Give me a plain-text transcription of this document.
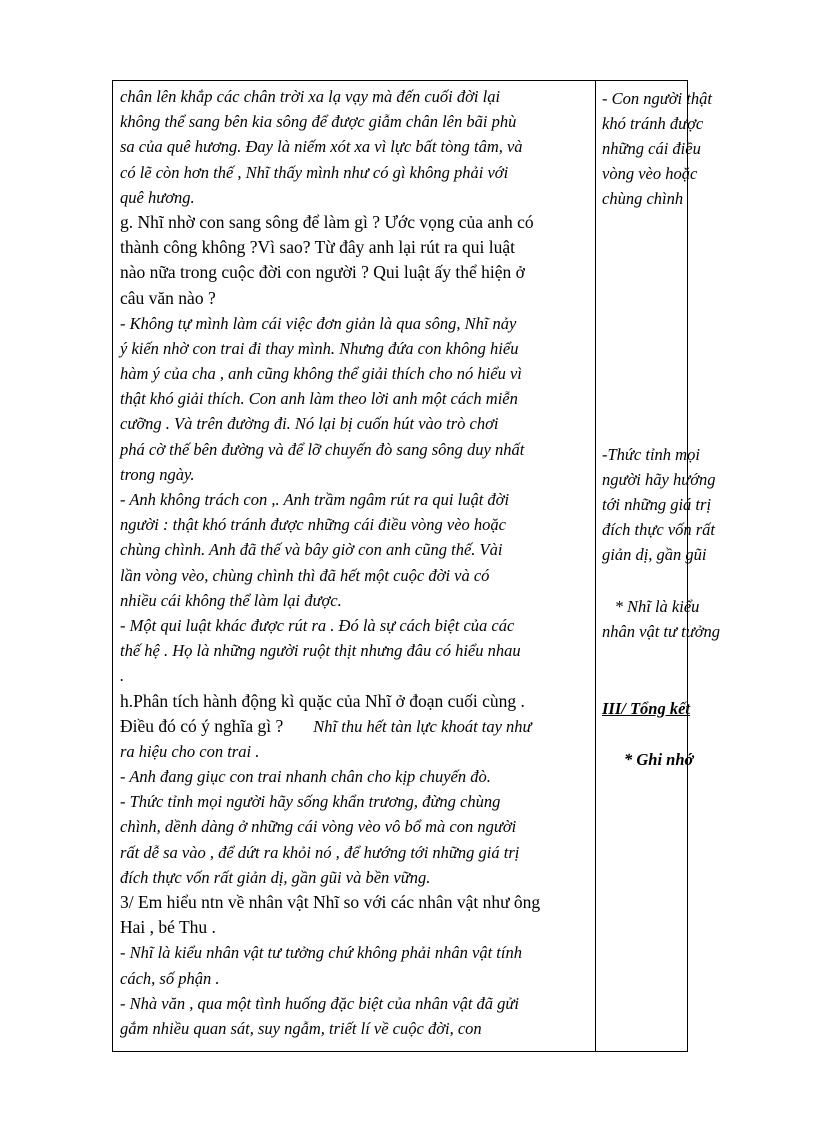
chân lên khắp các chân trời xa lạ vạy mà đến cuối đời lại
không thể sang bên kia sông để được giẫm chân lên bãi phù
sa của quê hương. Đay là niếm xót xa vì lực bất tòng tâm, và
có lẽ còn hơn thế , Nhĩ thấy mình như có gì không phải với
quê hương.
g. Nhĩ nhờ con sang sông để làm gì ? Ước vọng của anh có
thành công không ?Vì sao? Từ đây anh lại rút ra qui luật
nào nữa trong cuộc đời con người ? Qui luật ấy thể hiện ở
câu văn nào ?
- Không tự mình làm cái việc đơn giản là qua sông, Nhĩ nảy
ý kiến nhờ con trai đi thay mình. Nhưng đứa con không hiểu
hàm ý của cha , anh cũng không thể giải thích cho nó hiểu vì
thật khó giải thích. Con anh làm theo lời anh một cách miễn
cưỡng . Và trên đường đi. Nó lại bị cuốn hút vào trò chơi
phá cờ thế bên đường và để lỡ chuyến đò sang sông duy nhất
trong ngày.
- Anh không trách con ,. Anh trầm ngâm rút ra qui luật đời
người : thật khó tránh được những cái điều vòng vèo hoặc
chùng chình. Anh đã thế và bây giờ con anh cũng thế. Vài
lần vòng vèo, chùng chình thì đã hết một cuộc đời và có
nhiều cái không thể làm lại được.
- Một qui luật khác được rút ra . Đó là sự cách biệt của các
thế hệ . Họ là những người ruột thịt nhưng đâu có hiểu nhau
.
h.Phân tích hành động kì quặc của Nhĩ ở đoạn cuối cùng .
Điều đó có ý nghĩa gì ? Nhĩ thu hết tàn lực khoát tay như
ra hiệu cho con trai .
- Anh đang giục con trai nhanh chân cho kịp chuyến đò.
- Thức tỉnh mọi người hãy sống khẩn trương, đừng chùng
chình, dềnh dàng ở những cái vòng vèo vô bổ mà con người
rất dễ sa vào , để dứt ra khỏi nó , để hướng tới những giá trị
đích thực vốn rất giản dị, gần gũi và bền vững.
3/ Em hiểu ntn về nhân vật Nhĩ so với các nhân vật như ông
Hai , bé Thu .
- Nhĩ là kiểu nhân vật tư tưởng chứ không phải nhân vật tính
cách, số phận .
- Nhà văn , qua một tình huống đặc biệt của nhân vật đã gửi
gắm nhiều quan sát, suy ngẫm, triết lí về cuộc đời, con
- Con người thật
khó tránh được
những cái điều
vòng vèo hoặc
chùng chình
-Thức tỉnh mọi
người hãy hướng
tới những giá trị
đích thực vốn rất
giản dị, gần gũi
* Nhĩ là kiểu
nhân vật tư tưởng
III/ Tổng kết
* Ghi nhớ
